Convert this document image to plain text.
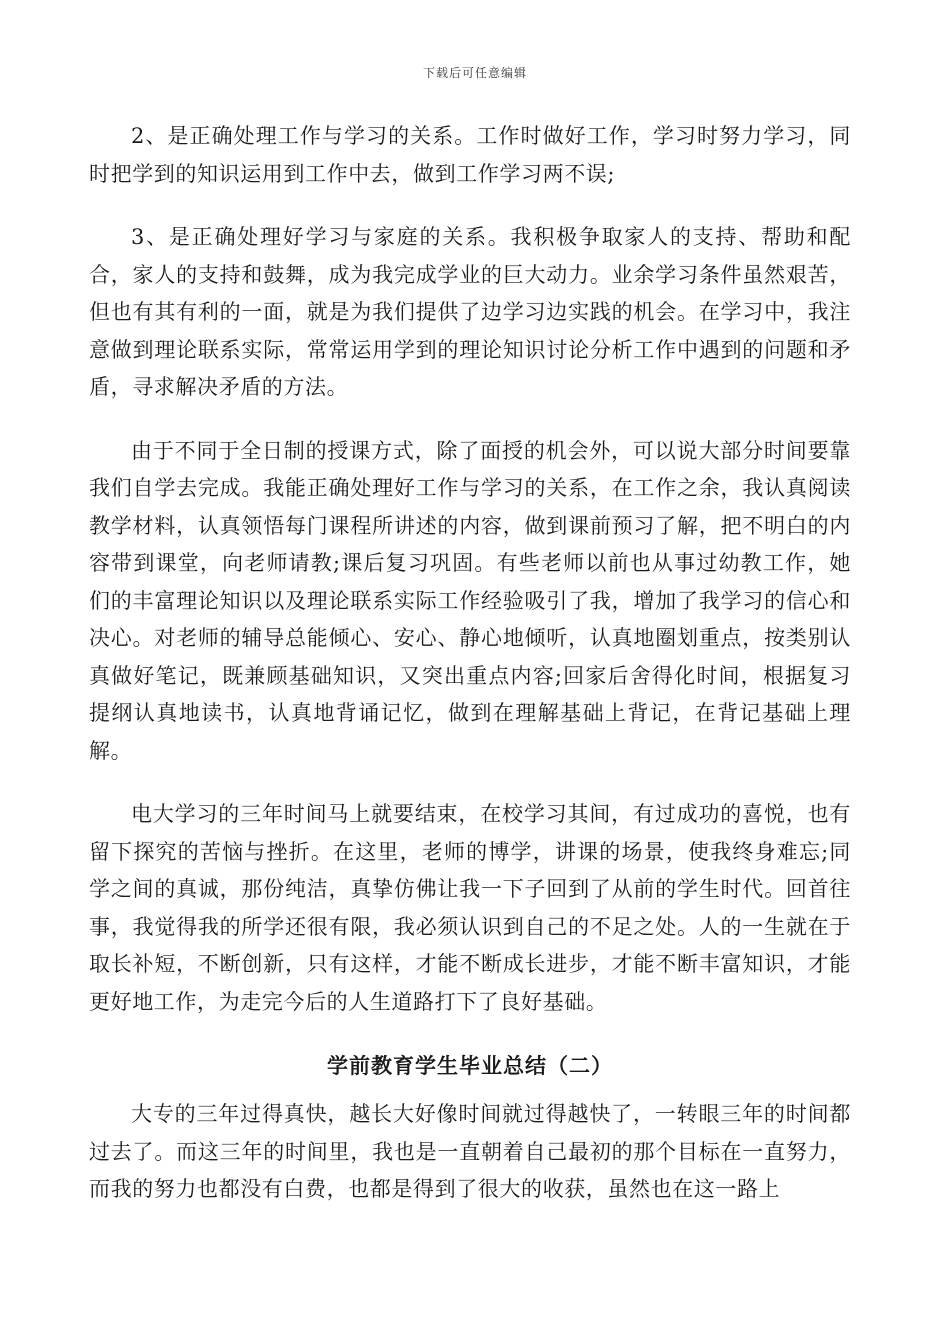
下载后可任意编辑

2、是正确处理工作与学习的关系。工作时做好工作，学习时努力学习，同时把学到的知识运用到工作中去，做到工作学习两不误;

3、是正确处理好学习与家庭的关系。我积极争取家人的支持、帮助和配合，家人的支持和鼓舞，成为我完成学业的巨大动力。业余学习条件虽然艰苦，但也有其有利的一面，就是为我们提供了边学习边实践的机会。在学习中，我注意做到理论联系实际，常常运用学到的理论知识讨论分析工作中遇到的问题和矛盾，寻求解决矛盾的方法。

由于不同于全日制的授课方式，除了面授的机会外，可以说大部分时间要靠我们自学去完成。我能正确处理好工作与学习的关系，在工作之余，我认真阅读教学材料，认真领悟每门课程所讲述的内容，做到课前预习了解，把不明白的内容带到课堂，向老师请教;课后复习巩固。有些老师以前也从事过幼教工作，她们的丰富理论知识以及理论联系实际工作经验吸引了我，增加了我学习的信心和决心。对老师的辅导总能倾心、安心、静心地倾听，认真地圈划重点，按类别认真做好笔记，既兼顾基础知识，又突出重点内容;回家后舍得化时间，根据复习提纲认真地读书，认真地背诵记忆，做到在理解基础上背记，在背记基础上理解。

电大学习的三年时间马上就要结束，在校学习其间，有过成功的喜悦，也有留下探究的苦恼与挫折。在这里，老师的博学，讲课的场景，使我终身难忘;同学之间的真诚，那份纯洁，真挚仿佛让我一下子回到了从前的学生时代。回首往事，我觉得我的所学还很有限，我必须认识到自己的不足之处。人的一生就在于取长补短，不断创新，只有这样，才能不断成长进步，才能不断丰富知识，才能更好地工作，为走完今后的人生道路打下了良好基础。

学前教育学生毕业总结（二）

大专的三年过得真快，越长大好像时间就过得越快了，一转眼三年的时间都过去了。而这三年的时间里，我也是一直朝着自己最初的那个目标在一直努力，而我的努力也都没有白费，也都是得到了很大的收获，虽然也在这一路上
